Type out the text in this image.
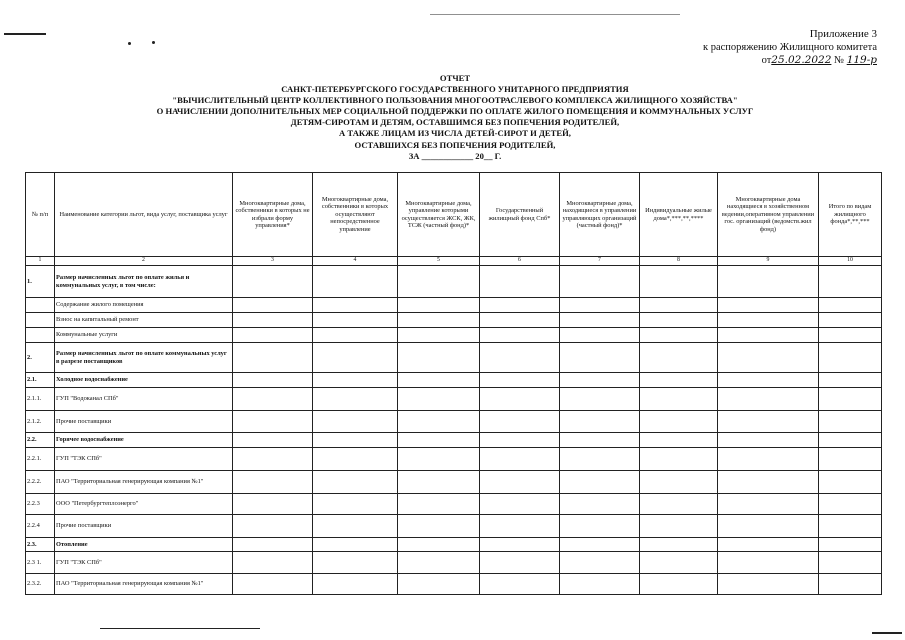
Приложение 3
к распоряжению Жилищного комитета
от25.02.2022 № 119-р
ОТЧЕТ
САНКТ-ПЕТЕРБУРГСКОГО ГОСУДАРСТВЕННОГО УНИТАРНОГО ПРЕДПРИЯТИЯ
"ВЫЧИСЛИТЕЛЬНЫЙ ЦЕНТР КОЛЛЕКТИВНОГО ПОЛЬЗОВАНИЯ МНОГООТРАСЛЕВОГО КОМПЛЕКСА ЖИЛИЩНОГО ХОЗЯЙСТВА"
О НАЧИСЛЕНИИ ДОПОЛНИТЕЛЬНЫХ МЕР СОЦИАЛЬНОЙ ПОДДЕРЖКИ ПО ОПЛАТЕ ЖИЛОГО ПОМЕЩЕНИЯ И КОММУНАЛЬНЫХ УСЛУГ
ДЕТЯМ-СИРОТАМ И ДЕТЯМ, ОСТАВШИМСЯ БЕЗ ПОПЕЧЕНИЯ РОДИТЕЛЕЙ,
А ТАКЖЕ ЛИЦАМ ИЗ ЧИСЛА ДЕТЕЙ-СИРОТ И ДЕТЕЙ,
ОСТАВШИХСЯ БЕЗ ПОПЕЧЕНИЯ РОДИТЕЛЕЙ,
ЗА ____________ 20__ Г.
№ п/п	Наименование категории льгот, вида услуг, поставщика услуг	Многоквартирные дома, собственники в которых не избрали форму управления*	Многоквартирные дома, собственники в которых осуществляют непосредственное управление	Многоквартирные дома, управление которыми осуществляется ЖСК, ЖК, ТСЖ (частный фонд)*	Государственный жилищный фонд Спб*	Многоквартирные дома, находящиеся в управлении управляющих организаций (частный фонд)*	Индивидуальные жилые дома*,***,**,****	Многоквартирные дома находящиеся в хозяйственном ведении,оперативном управлении гос. организаций (ведомств.жил фонд)	Итого по видам жилищного фонда*,**,***
1	2	3	4	5	6	7	8	9	10
1.	Размер начисленных льгот по оплате жилья и коммунальных услуг, в том числе:								
	Содержание жилого помещения								
	Взнос на капитальный ремонт								
	Коммунальные услуги								
2.	Размер начисленных льгот по оплате коммунальных услуг в разрезе поставщиков								
2.1.	Холодное водоснабжение								
2.1.1.	ГУП "Водоканал СПб"								
2.1.2.	Прочие поставщики								
2.2.	Горячее водоснабжение								
2.2.1.	ГУП "ТЭК СПб"								
2.2.2.	ПАО "Территориальная генерирующая компания №1"								
2.2.3	ООО "Петербургтеплоэнерго"								
2.2.4	Прочие поставщики								
2.3.	Отопление								
2.3 1.	ГУП "ТЭК СПб"								
2.3.2.	ПАО "Территориальная генерирующая компания №1"								
